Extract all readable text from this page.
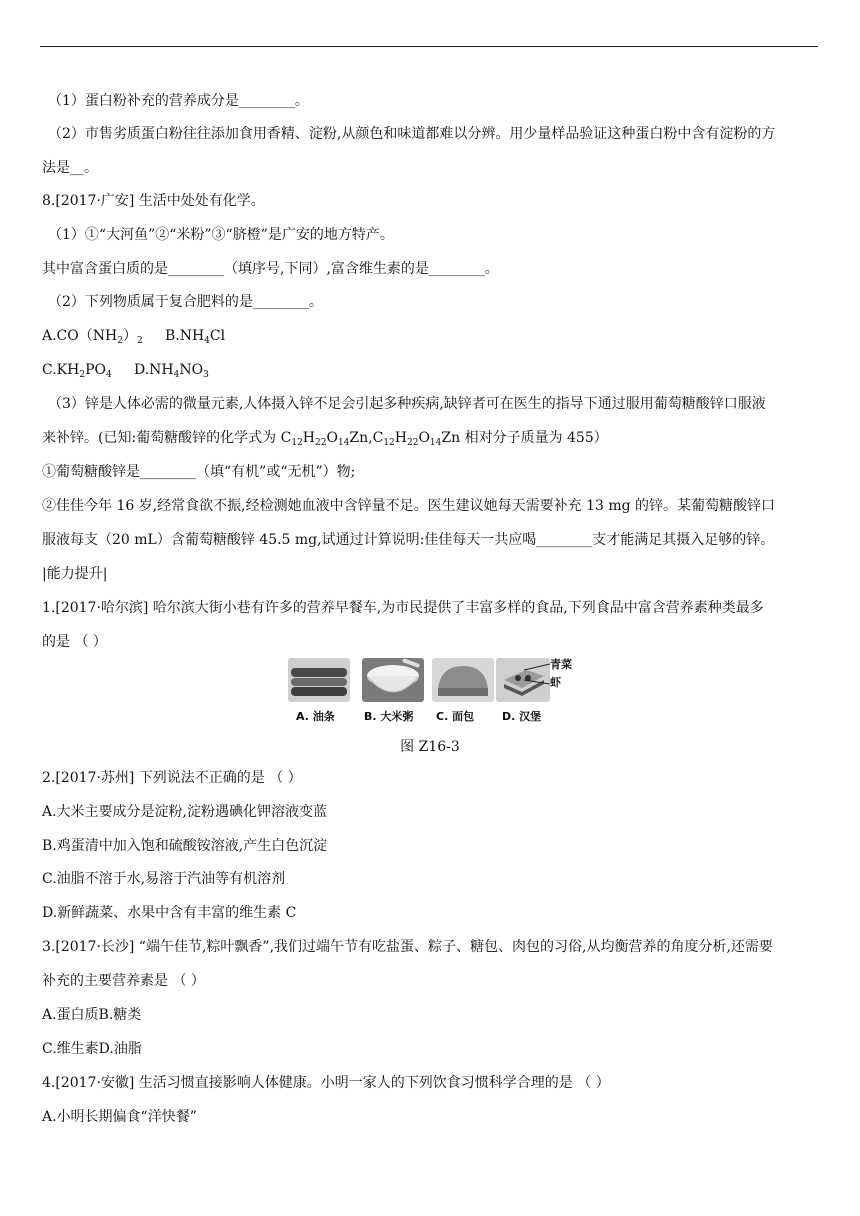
（1）蛋白粉补充的营养成分是________。
（2）市售劣质蛋白粉往往添加食用香精、淀粉,从颜色和味道都难以分辨。用少量样品验证这种蛋白粉中含有淀粉的方
法是__。
8.[2017·广安] 生活中处处有化学。
（1）①“大河鱼”②“米粉”③“脐橙”是广安的地方特产。
其中富含蛋白质的是________（填序号,下同）,富含维生素的是________。
（2）下列物质属于复合肥料的是________。
$A.CO(NH_2)_2$ $B.NH_4Cl$
$C.KH_2PO_4$ $D.NH_4NO_3$
（3）锌是人体必需的微量元素,人体摄入锌不足会引起多种疾病,缺锌者可在医生的指导下通过服用葡萄糖酸锌口服液
来补锌。(已知:葡萄糖酸锌的化学式为 $C_{12}H_{22}O_{14}Zn,C_{12}H_{22}O_{14}Zn$ 相对分子质量为 455）
①葡萄糖酸锌是________（填“有机”或“无机”）物;
②佳佳今年 16 岁,经常食欲不振,经检测她血液中含锌量不足。医生建议她每天需要补充 13 mg 的锌。某葡萄糖酸锌口
服液每支（20 mL）含葡萄糖酸锌 45.5 mg,试通过计算说明:佳佳每天一共应喝________支才能满足其摄入足够的锌。
|能力提升|
1.[2017·哈尔滨] 哈尔滨大街小巷有许多的营养早餐车,为市民提供了丰富多样的食品,下列食品中富含营养素种类最多
的是 （ ）
青菜
虾
A. 油条	B. 大米粥 C. 面包	D. 汉堡
图 Z16-3
2.[2017·苏州] 下列说法不正确的是 （ ）
A.大米主要成分是淀粉,淀粉遇碘化钾溶液变蓝
B.鸡蛋清中加入饱和硫酸铵溶液,产生白色沉淀
C.油脂不溶于水,易溶于汽油等有机溶剂
D.新鲜蔬菜、水果中含有丰富的维生素 C
3.[2017·长沙] “端午佳节,粽叶飘香”,我们过端午节有吃盐蛋、粽子、糖包、肉包的习俗,从均衡营养的角度分析,还需要
补充的主要营养素是 （ ）
A.蛋白质B.糖类
C.维生素D.油脂
4.[2017·安徽] 生活习惯直接影响人体健康。小明一家人的下列饮食习惯科学合理的是 （ ）
A.小明长期偏食“洋快餐”
